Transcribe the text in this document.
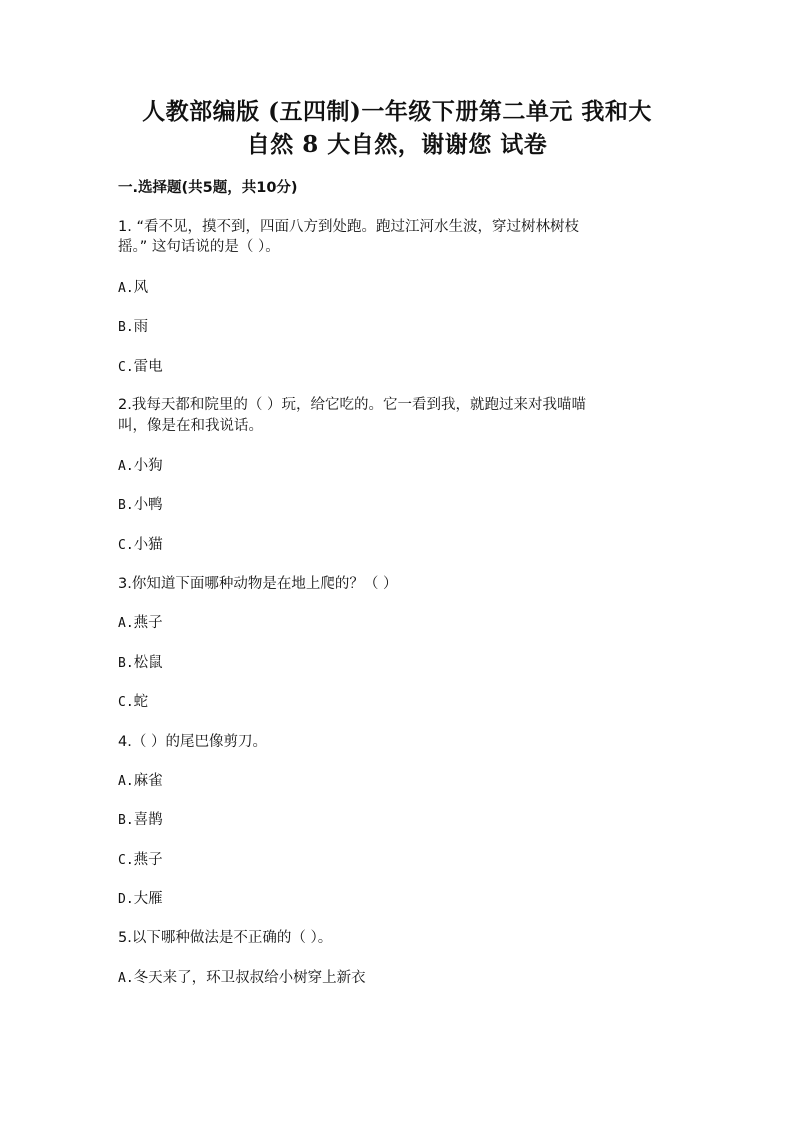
人教部编版 (五四制)一年级下册第二单元 我和大
自然 8 大自然，谢谢您 试卷
一.选择题(共5题，共10分)
1. “看不见，摸不到，四面八方到处跑。跑过江河水生波，穿过树林树枝
摇。” 这句话说的是（ ）。
A.风
B.雨
C.雷电
2.我每天都和院里的（ ）玩，给它吃的。它一看到我，就跑过来对我喵喵
叫，像是在和我说话。
A.小狗
B.小鸭
C.小猫
3.你知道下面哪种动物是在地上爬的？（ ）
A.燕子
B.松鼠
C.蛇
4.（ ）的尾巴像剪刀。
A.麻雀
B.喜鹊
C.燕子
D.大雁
5.以下哪种做法是不正确的（ ）。
A.冬天来了，环卫叔叔给小树穿上新衣
